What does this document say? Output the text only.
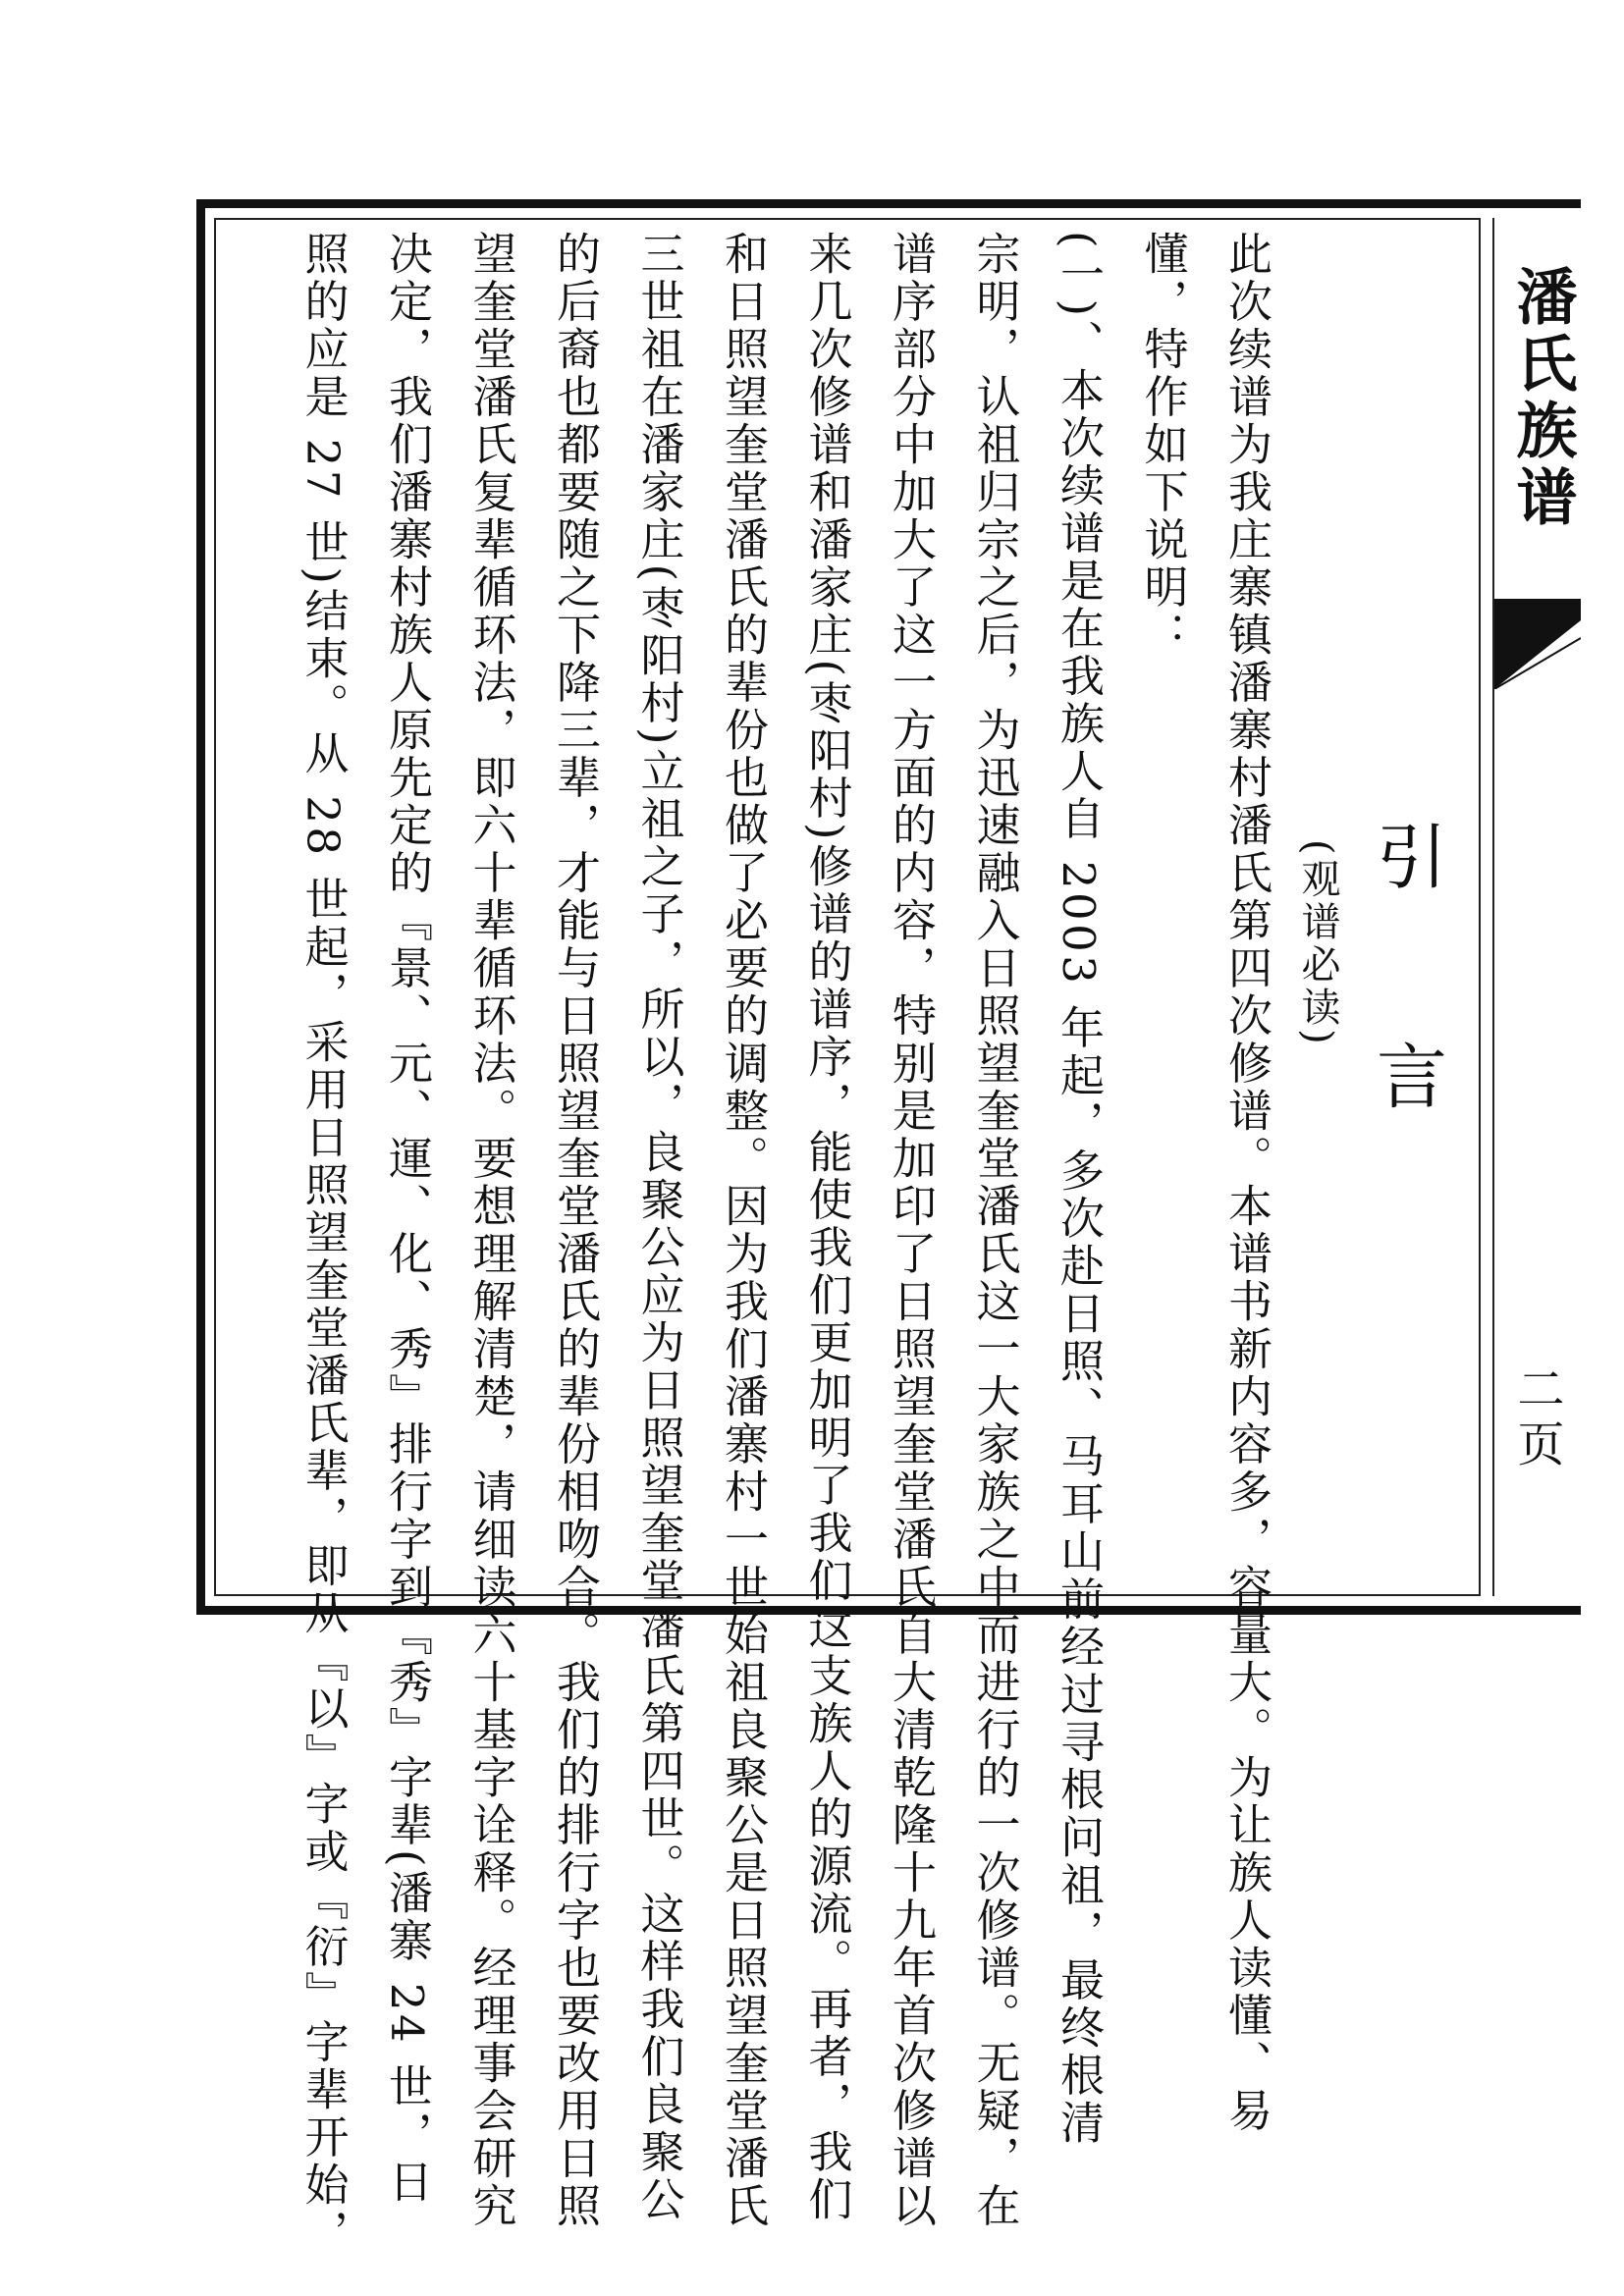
潘氏族谱
二页
引　言
(观谱必读)
此次续谱为我庄寨镇潘寨村潘氏第四次修谱。本谱书新内容多，容量大。为让族人读懂、易
懂，特作如下说明：
(一)、本次续谱是在我族人自 2003 年起，多次赴日照、马耳山前经过寻根问祖，最终根清
宗明，认祖归宗之后，为迅速融入日照望奎堂潘氏这一大家族之中而进行的一次修谱。无疑，在
谱序部分中加大了这一方面的内容，特别是加印了日照望奎堂潘氏自大清乾隆十九年首次修谱以
来几次修谱和潘家庄(枣阳村)修谱的谱序，能使我们更加明了我们这支族人的源流。再者，我们
和日照望奎堂潘氏的辈份也做了必要的调整。因为我们潘寨村一世始祖良聚公是日照望奎堂潘氏
三世祖在潘家庄(枣阳村)立祖之子，所以，良聚公应为日照望奎堂潘氏第四世。这样我们良聚公
的后裔也都要随之下降三辈，才能与日照望奎堂潘氏的辈份相吻合。我们的排行字也要改用日照
望奎堂潘氏复辈循环法，即六十辈循环法。要想理解清楚，请细读六十基字诠释。经理事会研究
决定，我们潘寨村族人原先定的『景、元、運、化、秀』排行字到『秀』字辈(潘寨 24 世，日
照的应是 27 世)结束。从 28 世起，采用日照望奎堂潘氏辈，即从『以』字或『衍』字辈开始，
